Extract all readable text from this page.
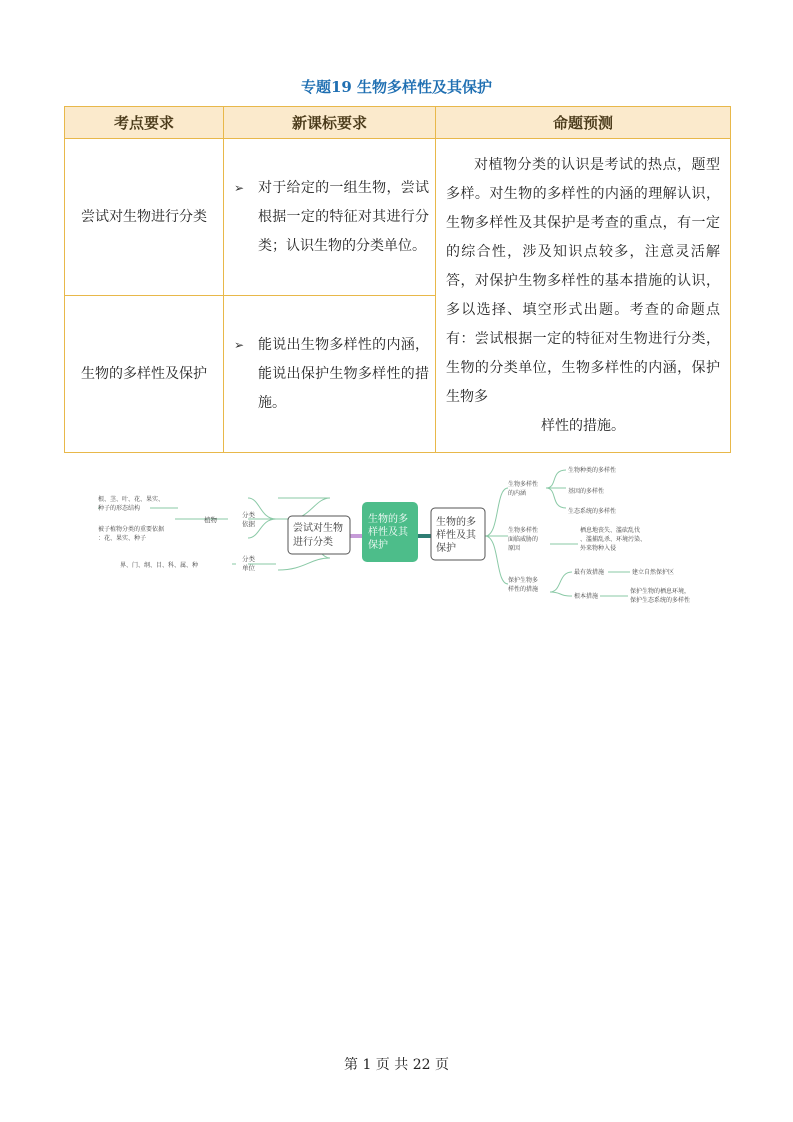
专题19 生物多样性及其保护
考点要求	新课标要求	命题预测
尝试对生物进行分类	➢ 对于给定的一组生物，尝试根据一定的特征对其进行分类；认识生物的分类单位。	对植物分类的认识是考试的热点，题型多样。对生物的多样性的内涵的理解认识，生物多样性及其保护是考查的重点，有一定的综合性，涉及知识点较多，注意灵活解答，对保护生物多样性的基本措施的认识，多以选择、填空形式出题。考查的命题点有：尝试根据一定的特征对生物进行分类，生物的分类单位，生物多样性的内涵，保护生物多
样性的措施。

生物的多样性及保护	➢ 能说出生物多样性的内涵，能说出保护生物多样性的措施。	
尝试对生物进行分类
生物的多样性及其保护
生物的多样性及其保护
分类依据
分类单位
植物
根、茎、叶、花、果实、种子的形态结构
被子植物分类的重要依据：花、果实、种子
界、门、纲、目、科、属、种
生物多样性的内涵
生物种类的多样性
基因的多样性
生态系统的多样性
生物多样性面临威胁的原因
栖息地丧失、滥砍乱伐、滥捕乱杀、环境污染、外来物种入侵
保护生物多样性的措施
最有效措施	建立自然保护区
根本措施
保护生物的栖息环境，保护生态系统的多样性
第 1 页 共 22 页
